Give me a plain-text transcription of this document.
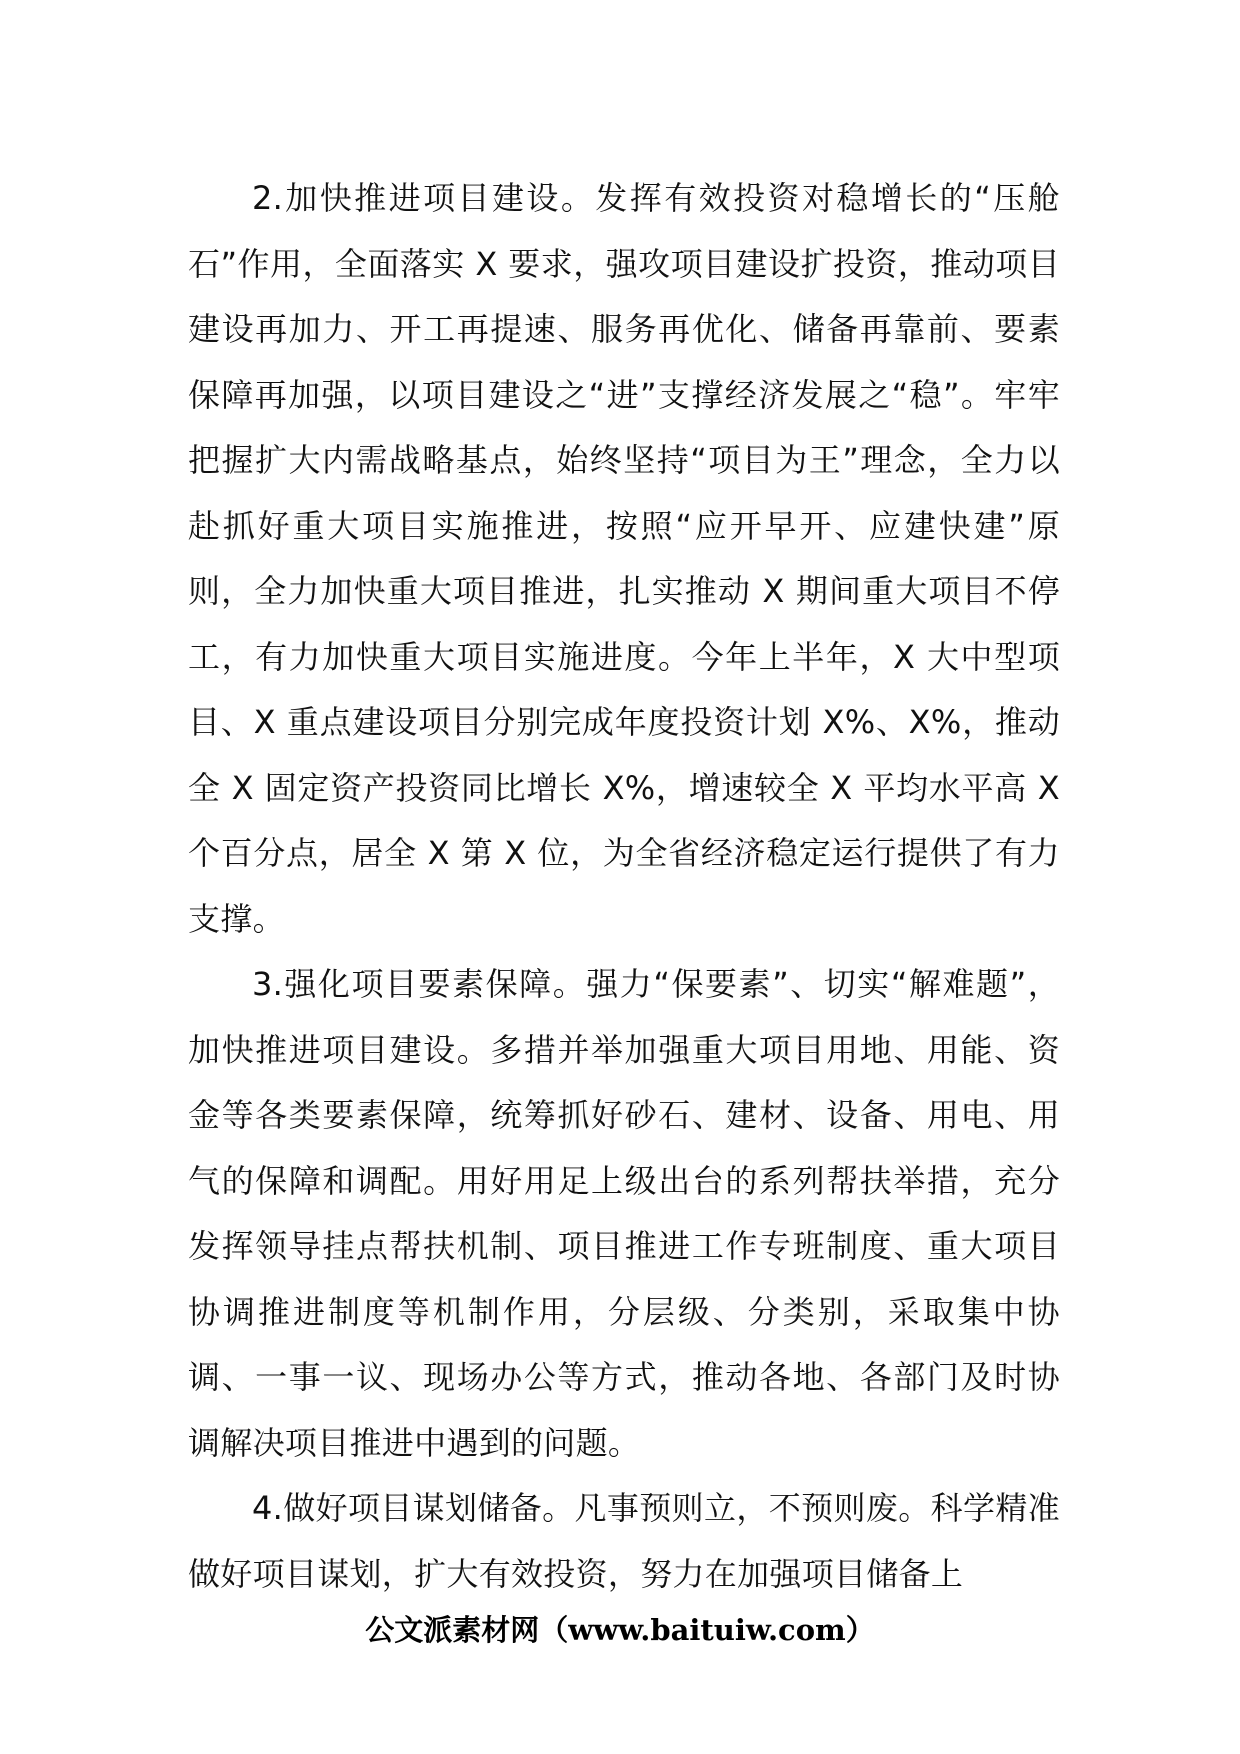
2.加快推进项目建设。发挥有效投资对稳增长的“压舱石”作用，全面落实 X 要求，强攻项目建设扩投资，推动项目建设再加力、开工再提速、服务再优化、储备再靠前、要素保障再加强，以项目建设之“进”支撑经济发展之“稳”。牢牢把握扩大内需战略基点，始终坚持“项目为王”理念，全力以赴抓好重大项目实施推进，按照“应开早开、应建快建”原则，全力加快重大项目推进，扎实推动 X 期间重大项目不停工，有力加快重大项目实施进度。今年上半年，X 大中型项目、X 重点建设项目分别完成年度投资计划 X%、X%，推动全 X 固定资产投资同比增长 X%，增速较全 X 平均水平高 X 个百分点，居全 X 第 X 位，为全省经济稳定运行提供了有力支撑。

3.强化项目要素保障。强力“保要素”、切实“解难题”，加快推进项目建设。多措并举加强重大项目用地、用能、资金等各类要素保障，统筹抓好砂石、建材、设备、用电、用气的保障和调配。用好用足上级出台的系列帮扶举措，充分发挥领导挂点帮扶机制、项目推进工作专班制度、重大项目协调推进制度等机制作用，分层级、分类别，采取集中协调、一事一议、现场办公等方式，推动各地、各部门及时协调解决项目推进中遇到的问题。

4.做好项目谋划储备。凡事预则立，不预则废。科学精准做好项目谋划，扩大有效投资，努力在加强项目储备上

公文派素材网（www.baituiw.com）
